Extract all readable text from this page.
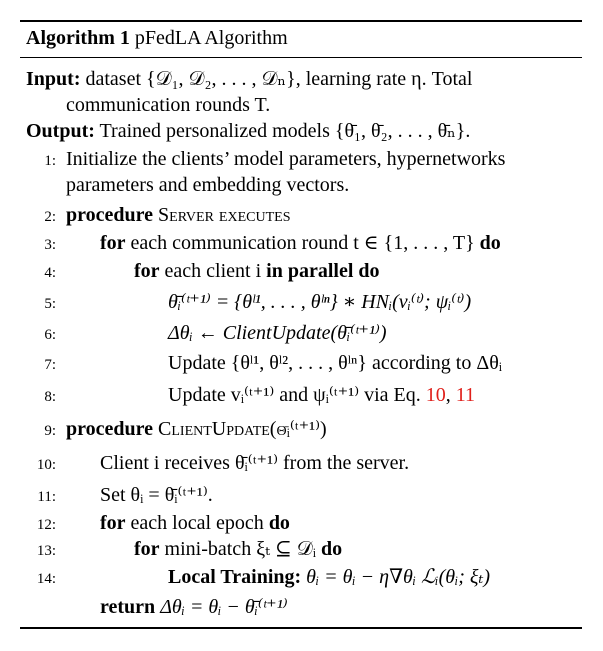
Algorithm 1 pFedLA Algorithm
Input: dataset {𝒟₁, 𝒟₂, . . . , 𝒟ₙ}, learning rate η. Total
communication rounds T.
Output: Trained personalized models {θ̄₁, θ̄₂, . . . , θ̄ₙ}.
1: Initialize the clients’ model parameters, hypernetworks
parameters and embedding vectors.
2: procedure Server executes
3: for each communication round t ∈ {1, . . . , T} do
4:	for each client i in parallel do
5:	θ̄ᵢ⁽ᵗ⁺¹⁾ = {θˡ¹, . . . , θˡⁿ} ∗ HNᵢ(vᵢ⁽ᵗ⁾; ψᵢ⁽ᵗ⁾)
6:	Δθᵢ ← ClientUpdate(θ̄ᵢ⁽ᵗ⁺¹⁾)
7:	Update {θˡ¹, θˡ², . . . , θˡⁿ} according to Δθᵢ
8:	Update vᵢ⁽ᵗ⁺¹⁾ and ψᵢ⁽ᵗ⁺¹⁾ via Eq. 10, 11
9: procedure ClientUpdate(θ̄ᵢ⁽ᵗ⁺¹⁾)
10: Client i receives θ̄ᵢ⁽ᵗ⁺¹⁾ from the server.
11: Set θᵢ = θ̄ᵢ⁽ᵗ⁺¹⁾.
12: for each local epoch do
13:	for mini-batch ξₜ ⊆ 𝒟ᵢ do
14:	Local Training: θᵢ = θᵢ − η∇θᵢ ℒᵢ(θᵢ; ξₜ)
return Δθᵢ = θᵢ − θ̄ᵢ⁽ᵗ⁺¹⁾
